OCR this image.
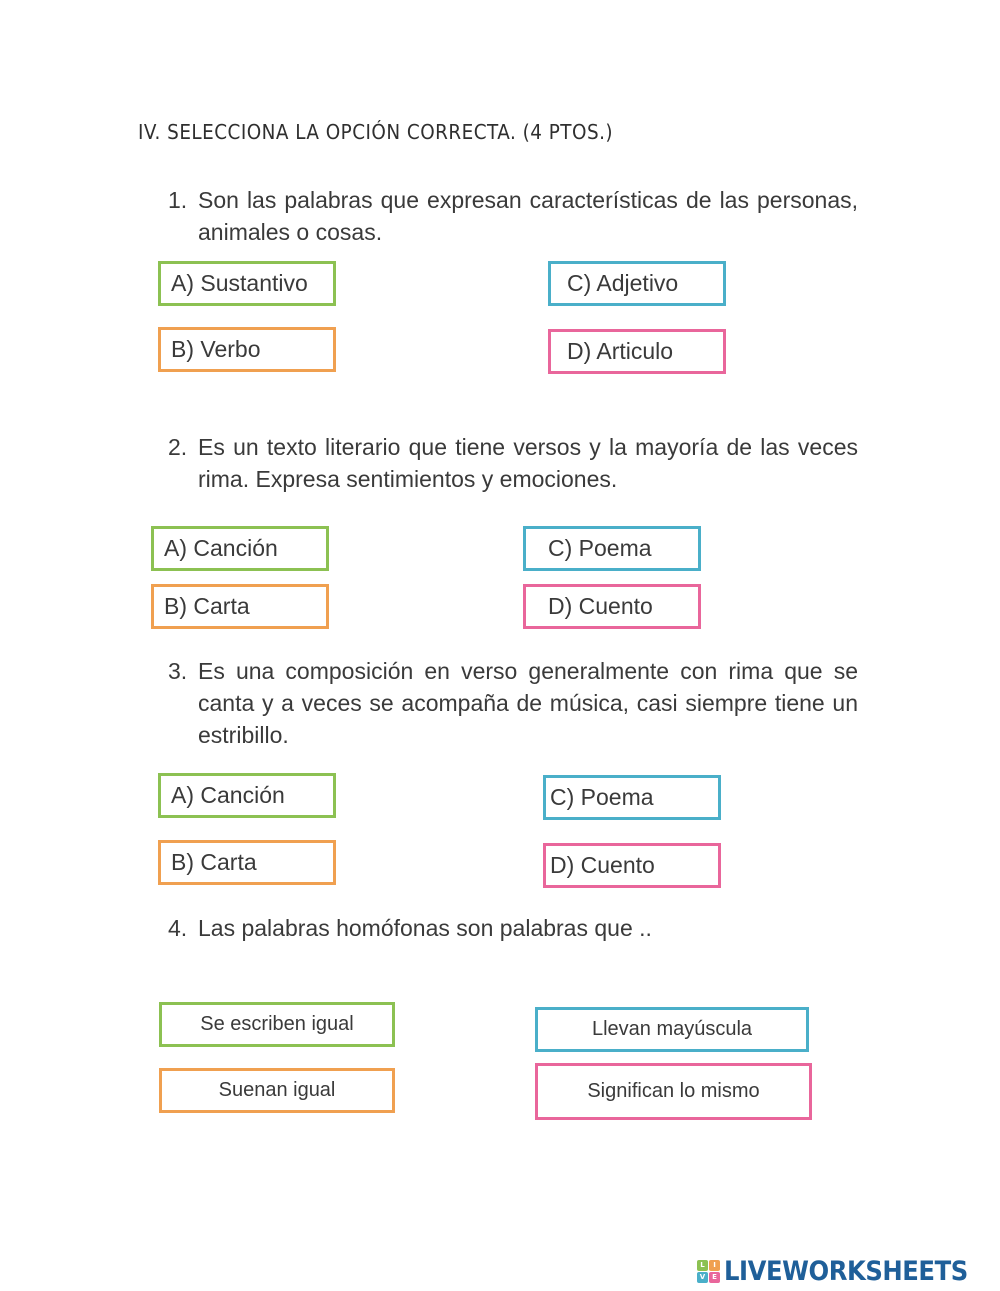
IV. SELECCIONA LA OPCIÓN CORRECTA. (4 PTOS.)
1. Son las palabras que expresan características de las personas, animales o cosas.
A) Sustantivo
B) Verbo
C) Adjetivo
D) Articulo
2. Es un texto literario que tiene versos y la mayoría de las veces rima. Expresa sentimientos y emociones.
A) Canción
B) Carta
C) Poema
D) Cuento
3. Es una composición en verso generalmente con rima que se canta y a veces se acompaña de música, casi siempre tiene un estribillo.
A) Canción
B) Carta
C) Poema
D) Cuento
4. Las palabras homófonas son palabras que ..
Se escriben igual
Suenan igual
Llevan mayúscula
Significan lo mismo
L	I
V E LIVEWORKSHEETS
